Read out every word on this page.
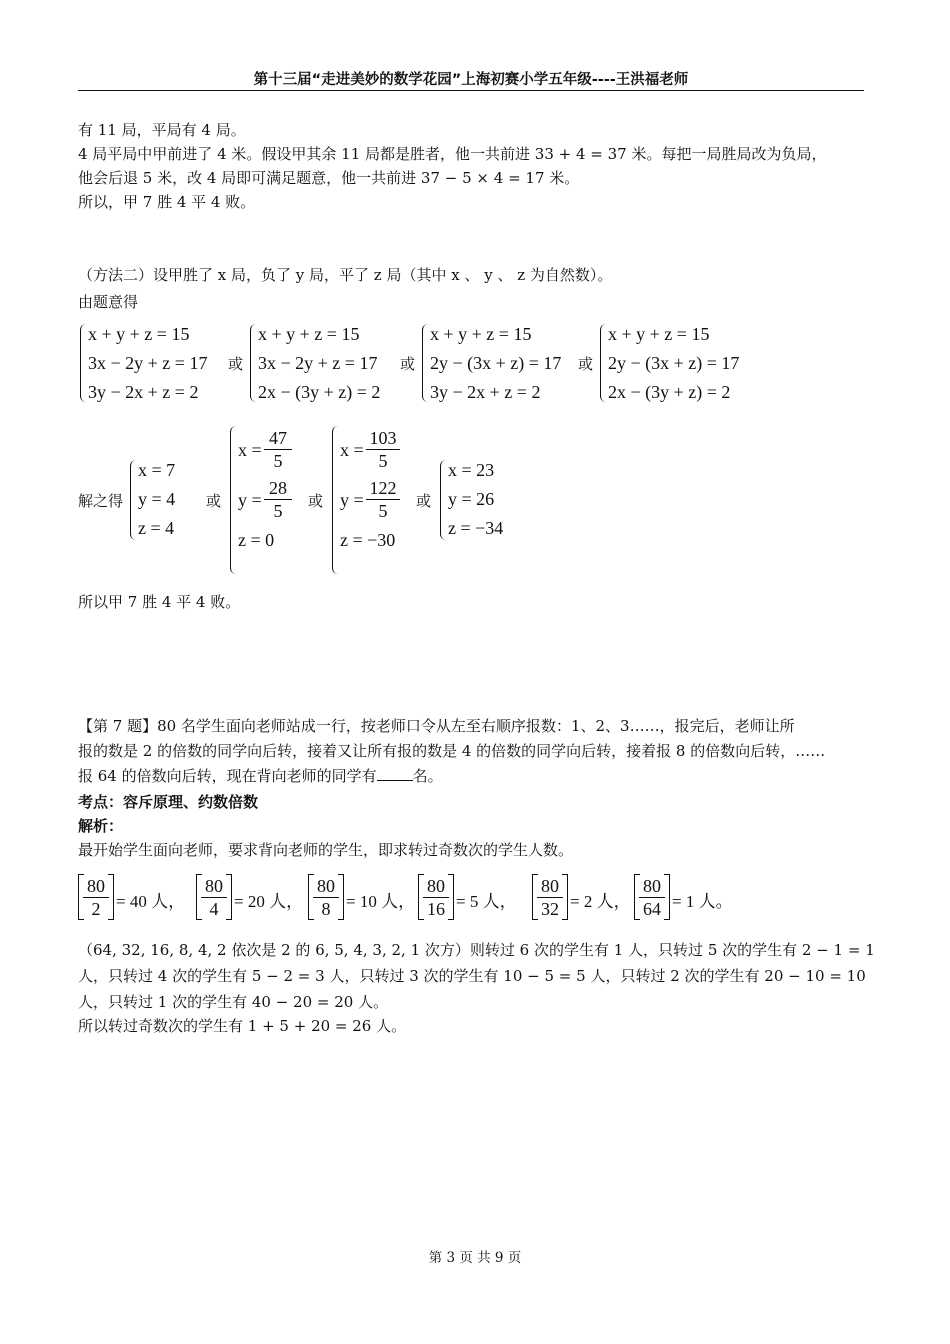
第十三届“走进美妙的数学花园”上海初赛小学五年级----王洪福老师
有 11 局，平局有 4 局。
4 局平局中甲前进了 4 米。假设甲其余 11 局都是胜者，他一共前进 33 + 4 = 37 米。每把一局胜局改为负局，
他会后退 5 米，改 4 局即可满足题意，他一共前进 37 − 5 × 4 = 17 米。
所以，甲 7 胜 4 平 4 败。
（方法二）设甲胜了 x 局，负了 y 局，平了 z 局（其中 x 、 y 、 z 为自然数）。
由题意得
x + y + z = 15
3x − 2y + z = 17
3y − 2x + z = 2
或
x + y + z = 15
3x − 2y + z = 17
2x − (3y + z) = 2
或
x + y + z = 15
2y − (3x + z) = 17
3y − 2x + z = 2
或
x + y + z = 15
2y − (3x + z) = 17
2x − (3y + z) = 2
解之得
x = 7
y = 4
z = 4
或
$x = \frac{47}{5}$
$y = \frac{28}{5}$
z = 0
或
$x = \frac{103}{5}$
$y = \frac{122}{5}$
z = −30
或
x = 23
y = 26
z = −34
所以甲 7 胜 4 平 4 败。
【第 7 题】80 名学生面向老师站成一行，按老师口令从左至右顺序报数：1、2、3……，报完后，老师让所
报的数是 2 的倍数的同学向后转，接着又让所有报的数是 4 的倍数的同学向后转，接着报 8 的倍数向后转，……
报 64 的倍数向后转，现在背向老师的同学有 名。
考点：容斥原理、约数倍数
解析：
最开始学生面向老师，要求背向老师的学生，即求转过奇数次的学生人数。
$\frac{80}{2} = 40$ 人， $\frac{80}{4} = 20$ 人， $\frac{80}{8} = 10$ 人， $\frac{80}{16} = 5$ 人， $\frac{80}{32} = 2$ 人， $\frac{80}{64} = 1$ 人。
（64, 32, 16, 8, 4, 2 依次是 2 的 6, 5, 4, 3, 2, 1 次方）则转过 6 次的学生有 1 人，只转过 5 次的学生有 2 − 1 = 1
人，只转过 4 次的学生有 5 − 2 = 3 人，只转过 3 次的学生有 10 − 5 = 5 人，只转过 2 次的学生有 20 − 10 = 10
人，只转过 1 次的学生有 40 − 20 = 20 人。
所以转过奇数次的学生有 1 + 5 + 20 = 26 人。
第 3 页 共 9 页
